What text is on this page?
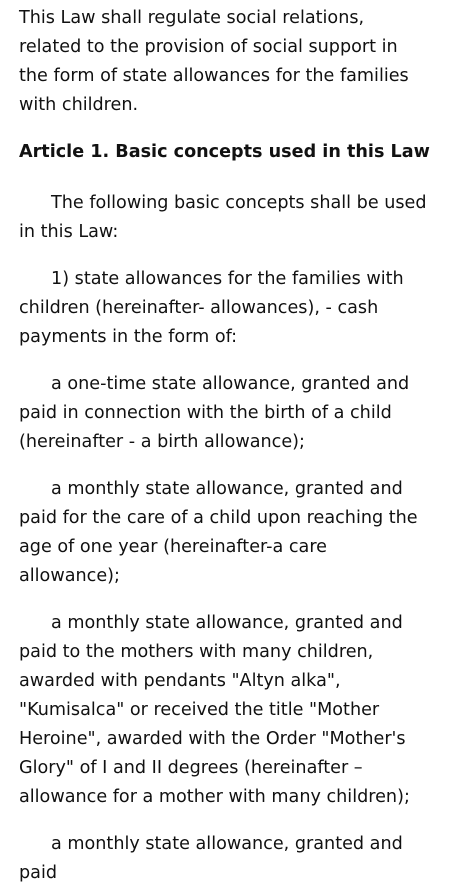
This Law shall regulate social relations, related to the provision of social support in the form of state allowances for the families with children.

Article 1. Basic concepts used in this Law

The following basic concepts shall be used in this Law:

1) state allowances for the families with children (hereinafter- allowances), - cash payments in the form of:

a one-time state allowance, granted and paid in connection with the birth of a child (hereinafter - a birth allowance);

a monthly state allowance, granted and paid for the care of a child upon reaching the age of one year (hereinafter-a care allowance);

a monthly state allowance, granted and paid to the mothers with many children, awarded with pendants "Altyn alka", "Kumisalca" or received the title "Mother Heroine", awarded with the Order "Mother's Glory" of I and II degrees (hereinafter – allowance for a mother with many children);

a monthly state allowance, granted and paid
